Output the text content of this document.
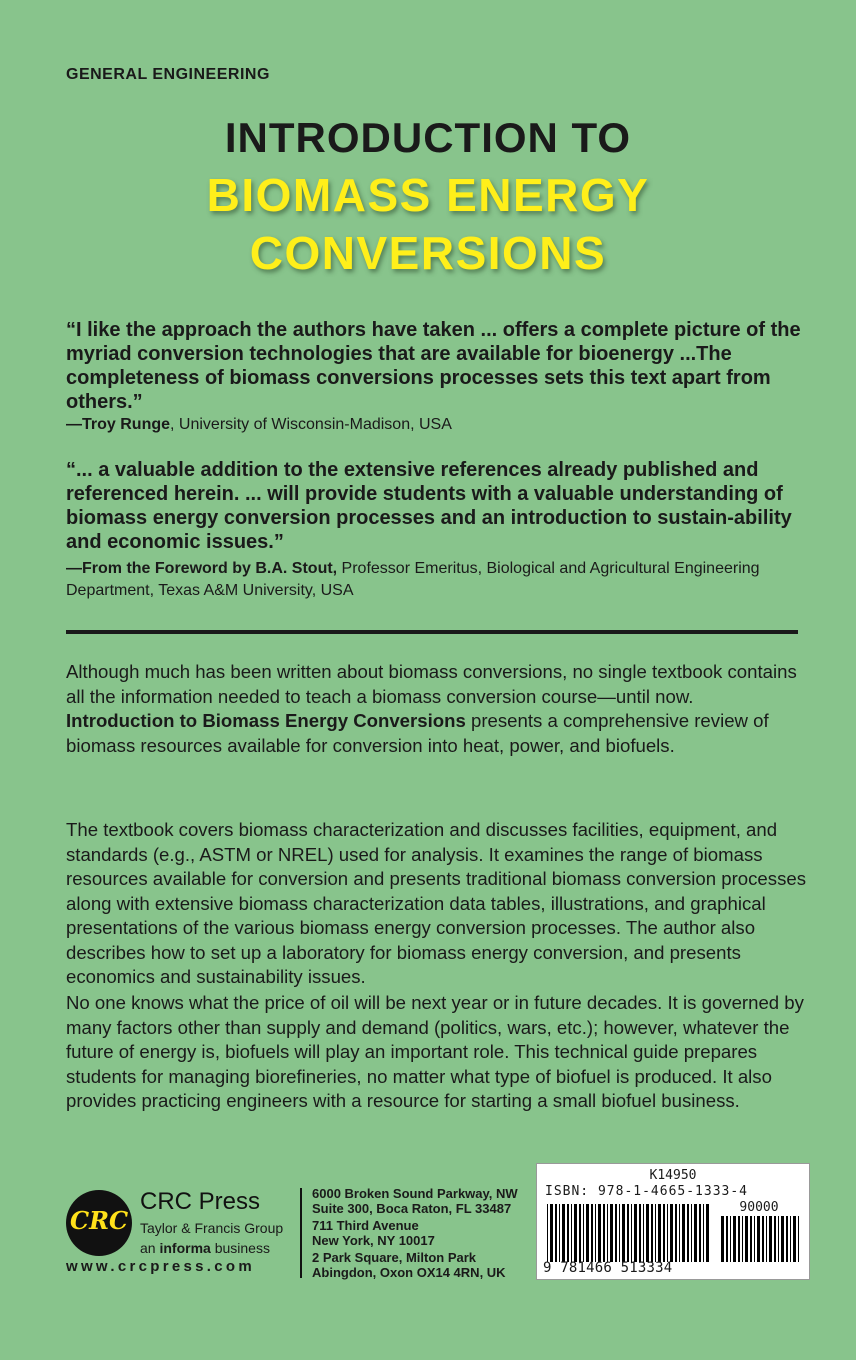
GENERAL ENGINEERING
INTRODUCTION TO
BIOMASS ENERGY
CONVERSIONS
“I like the approach the authors have taken ... offers a complete picture of the myriad conversion technologies that are available for bioenergy ...The completeness of biomass conversions processes sets this text apart from others.”
—Troy Runge, University of Wisconsin-Madison, USA
“... a valuable addition to the extensive references already published and referenced herein. ... will provide students with a valuable understanding of biomass energy conversion processes and an introduction to sustain-ability and economic issues.”
—From the Foreword by B.A. Stout, Professor Emeritus, Biological and Agricultural Engineering Department, Texas A&M University, USA
Although much has been written about biomass conversions, no single textbook contains all the information needed to teach a biomass conversion course—until now. Introduction to Biomass Energy Conversions presents a comprehensive review of biomass resources available for conversion into heat, power, and biofuels.
The textbook covers biomass characterization and discusses facilities, equipment, and standards (e.g., ASTM or NREL) used for analysis. It examines the range of biomass resources available for conversion and presents traditional biomass conversion processes along with extensive biomass characterization data tables, illustrations, and graphical presentations of the various biomass energy conversion processes. The author also describes how to set up a laboratory for biomass energy conversion, and presents economics and sustainability issues.
No one knows what the price of oil will be next year or in future decades. It is governed by many factors other than supply and demand (politics, wars, etc.); however, whatever the future of energy is, biofuels will play an important role. This technical guide prepares students for managing biorefineries, no matter what type of biofuel is produced. It also provides practicing engineers with a resource for starting a small biofuel business.
CRC
CRC Press
Taylor & Francis Group
an informa business
www.crcpress.com
6000 Broken Sound Parkway, NW
Suite 300, Boca Raton, FL 33487
711 Third Avenue
New York, NY 10017
2 Park Square, Milton Park
Abingdon, Oxon OX14 4RN, UK
K14950
ISBN: 978-1-4665-1333-4
90000
9 781466 513334
